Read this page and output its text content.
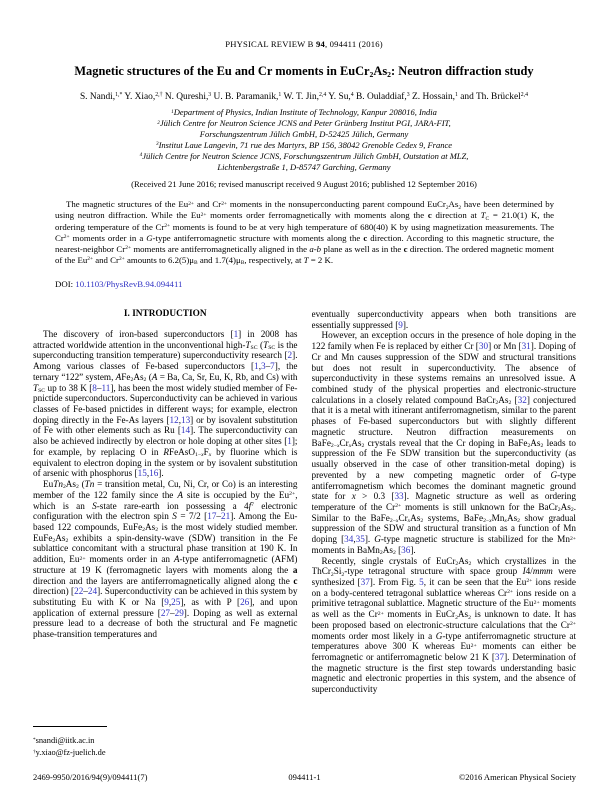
PHYSICAL REVIEW B 94, 094411 (2016)
Magnetic structures of the Eu and Cr moments in $EuCr_2As_2$: Neutron diffraction study
S. Nandi,$^{1,*}$ Y. Xiao,$^{2,\dagger}$ N. Qureshi,$^3$ U. B. Paramanik,$^1$ W. T. Jin,$^{2,4}$ Y. Su,$^4$ B. Ouladdiaf,$^3$ Z. Hossain,$^1$ and Th. Brückel$^{2,4}$
$^1$Department of Physics, Indian Institute of Technology, Kanpur 208016, India
$^2$Jülich Centre for Neutron Science JCNS and Peter Grünberg Institut PGI, JARA-FIT,
Forschungszentrum Jülich GmbH, D-52425 Jülich, Germany
$^3$Institut Laue Langevin, 71 rue des Martyrs, BP 156, 38042 Grenoble Cedex 9, France
$^4$Jülich Centre for Neutron Science JCNS, Forschungszentrum Jülich GmbH, Outstation at MLZ,
Lichtenbergstraße 1, D-85747 Garching, Germany
(Received 21 June 2016; revised manuscript received 9 August 2016; published 12 September 2016)
The magnetic structures of the $Eu^{2+}$ and $Cr^{2+}$ moments in the nonsuperconducting parent compound $EuCr_2As_2$ have been determined by using neutron diffraction. While the $Eu^{2+}$ moments order ferromagnetically with moments along the c direction at $T_C = 21.0(1)$ K, the ordering temperature of the $Cr^{2+}$ moments is found to be at very high temperature of 680(40) K by using magnetization measurements. The $Cr^{2+}$ moments order in a G-type antiferromagnetic structure with moments along the c direction. According to this magnetic structure, the nearest-neighbor $Cr^{2+}$ moments are antiferromagnetically aligned in the a-b plane as well as in the c direction. The ordered magnetic moment of the $Eu^{2+}$ and $Cr^{2+}$ amounts to $6.2(5)\mu_B$ and $1.7(4)\mu_B$, respectively, at T = 2 K.
DOI: 10.1103/PhysRevB.94.094411
I. INTRODUCTION

The discovery of iron-based superconductors [1] in 2008 has attracted worldwide attention in the unconventional high-$T_{SC}$ ($T_{SC}$ is the superconducting transition temperature) superconductivity research [2]. Among various classes of Fe-based superconductors [1,3–7], the ternary “122” system, $AFe_2As_2$ (A = Ba, Ca, Sr, Eu, K, Rb, and Cs) with $T_{SC}$ up to 38 K [8–11], has been the most widely studied member of Fe-pnictide superconductors. Superconductivity can be achieved in various classes of Fe-based pnictides in different ways; for example, electron doping directly in the Fe-As layers [12,13] or by isovalent substitution of Fe with other elements such as Ru [14]. The superconductivity can also be achieved indirectly by electron or hole doping at other sites [1]; for example, by replacing O in $RFeAsO_{1-x}F_x$ by fluorine which is equivalent to electron doping in the system or by isovalent substitution of arsenic with phosphorus [15,16].

$EuTn_2As_2$ (Tn = transition metal, Cu, Ni, Cr, or Co) is an interesting member of the 122 family since the A site is occupied by the $Eu^{2+}$, which is an S-state rare-earth ion possessing a $4f^7$ electronic configuration with the electron spin S = 7/2 [17–21]. Among the Eu-based 122 compounds, $EuFe_2As_2$ is the most widely studied member. $EuFe_2As_2$ exhibits a spin-density-wave (SDW) transition in the Fe sublattice concomitant with a structural phase transition at 190 K. In addition, $Eu^{2+}$ moments order in an A-type antiferromagnetic (AFM) structure at 19 K (ferromagnetic layers with moments along the a direction and the layers are antiferromagnetically aligned along the c direction) [22–24]. Superconductivity can be achieved in this system by substituting Eu with K or Na [9,25], as with P [26], and upon application of external pressure [27–29]. Doping as well as external pressure lead to a decrease of both the structural and Fe magnetic phase-transition temperatures and

*snandi@iitk.ac.in
†y.xiao@fz-juelich.de

eventually superconductivity appears when both transitions are essentially suppressed [9].

However, an exception occurs in the presence of hole doping in the 122 family when Fe is replaced by either Cr [30] or Mn [31]. Doping of Cr and Mn causes suppression of the SDW and structural transitions but does not result in superconductivity. The absence of superconductivity in these systems remains an unresolved issue. A combined study of the physical properties and electronic-structure calculations in a closely related compound $BaCr_2As_2$ [32] conjectured that it is a metal with itinerant antiferromagnetism, similar to the parent phases of Fe-based superconductors but with slightly different magnetic structure. Neutron diffraction measurements on $BaFe_{2-x}Cr_xAs_2$ crystals reveal that the Cr doping in $BaFe_2As_2$ leads to suppression of the Fe SDW transition but the superconductivity (as usually observed in the case of other transition-metal doping) is prevented by a new competing magnetic order of G-type antiferromagnetism which becomes the dominant magnetic ground state for x > 0.3 [33]. Magnetic structure as well as ordering temperature of the $Cr^{2+}$ moments is still unknown for the $BaCr_2As_2$. Similar to the $BaFe_{2-x}Cr_xAs_2$ systems, $BaFe_{2-x}Mn_xAs_2$ show gradual suppression of the SDW and structural transition as a function of Mn doping [34,35]. G-type magnetic structure is stabilized for the $Mn^{2+}$ moments in $BaMn_2As_2$ [36].

Recently, single crystals of $EuCr_2As_2$ which crystallizes in the $ThCr_2Si_2$-type tetragonal structure with space group I4/mmm were synthesized [37]. From Fig. 5, it can be seen that the $Eu^{2+}$ ions reside on a body-centered tetragonal sublattice whereas $Cr^{2+}$ ions reside on a primitive tetragonal sublattice. Magnetic structure of the $Eu^{2+}$ moments as well as the $Cr^{2+}$ moments in $EuCr_2As_2$ is unknown to date. It has been proposed based on electronic-structure calculations that the $Cr^{2+}$ moments order most likely in a G-type antiferromagnetic structure at temperatures above 300 K whereas $Eu^{2+}$ moments can either be ferromagnetic or antiferromagnetic below 21 K [37]. Determination of the magnetic structure is the first step towards understanding basic magnetic and electronic properties in this system, and the absence of superconductivity

2469-9950/2016/94(9)/094411(7)	094411-1	©2016 American Physical Society
